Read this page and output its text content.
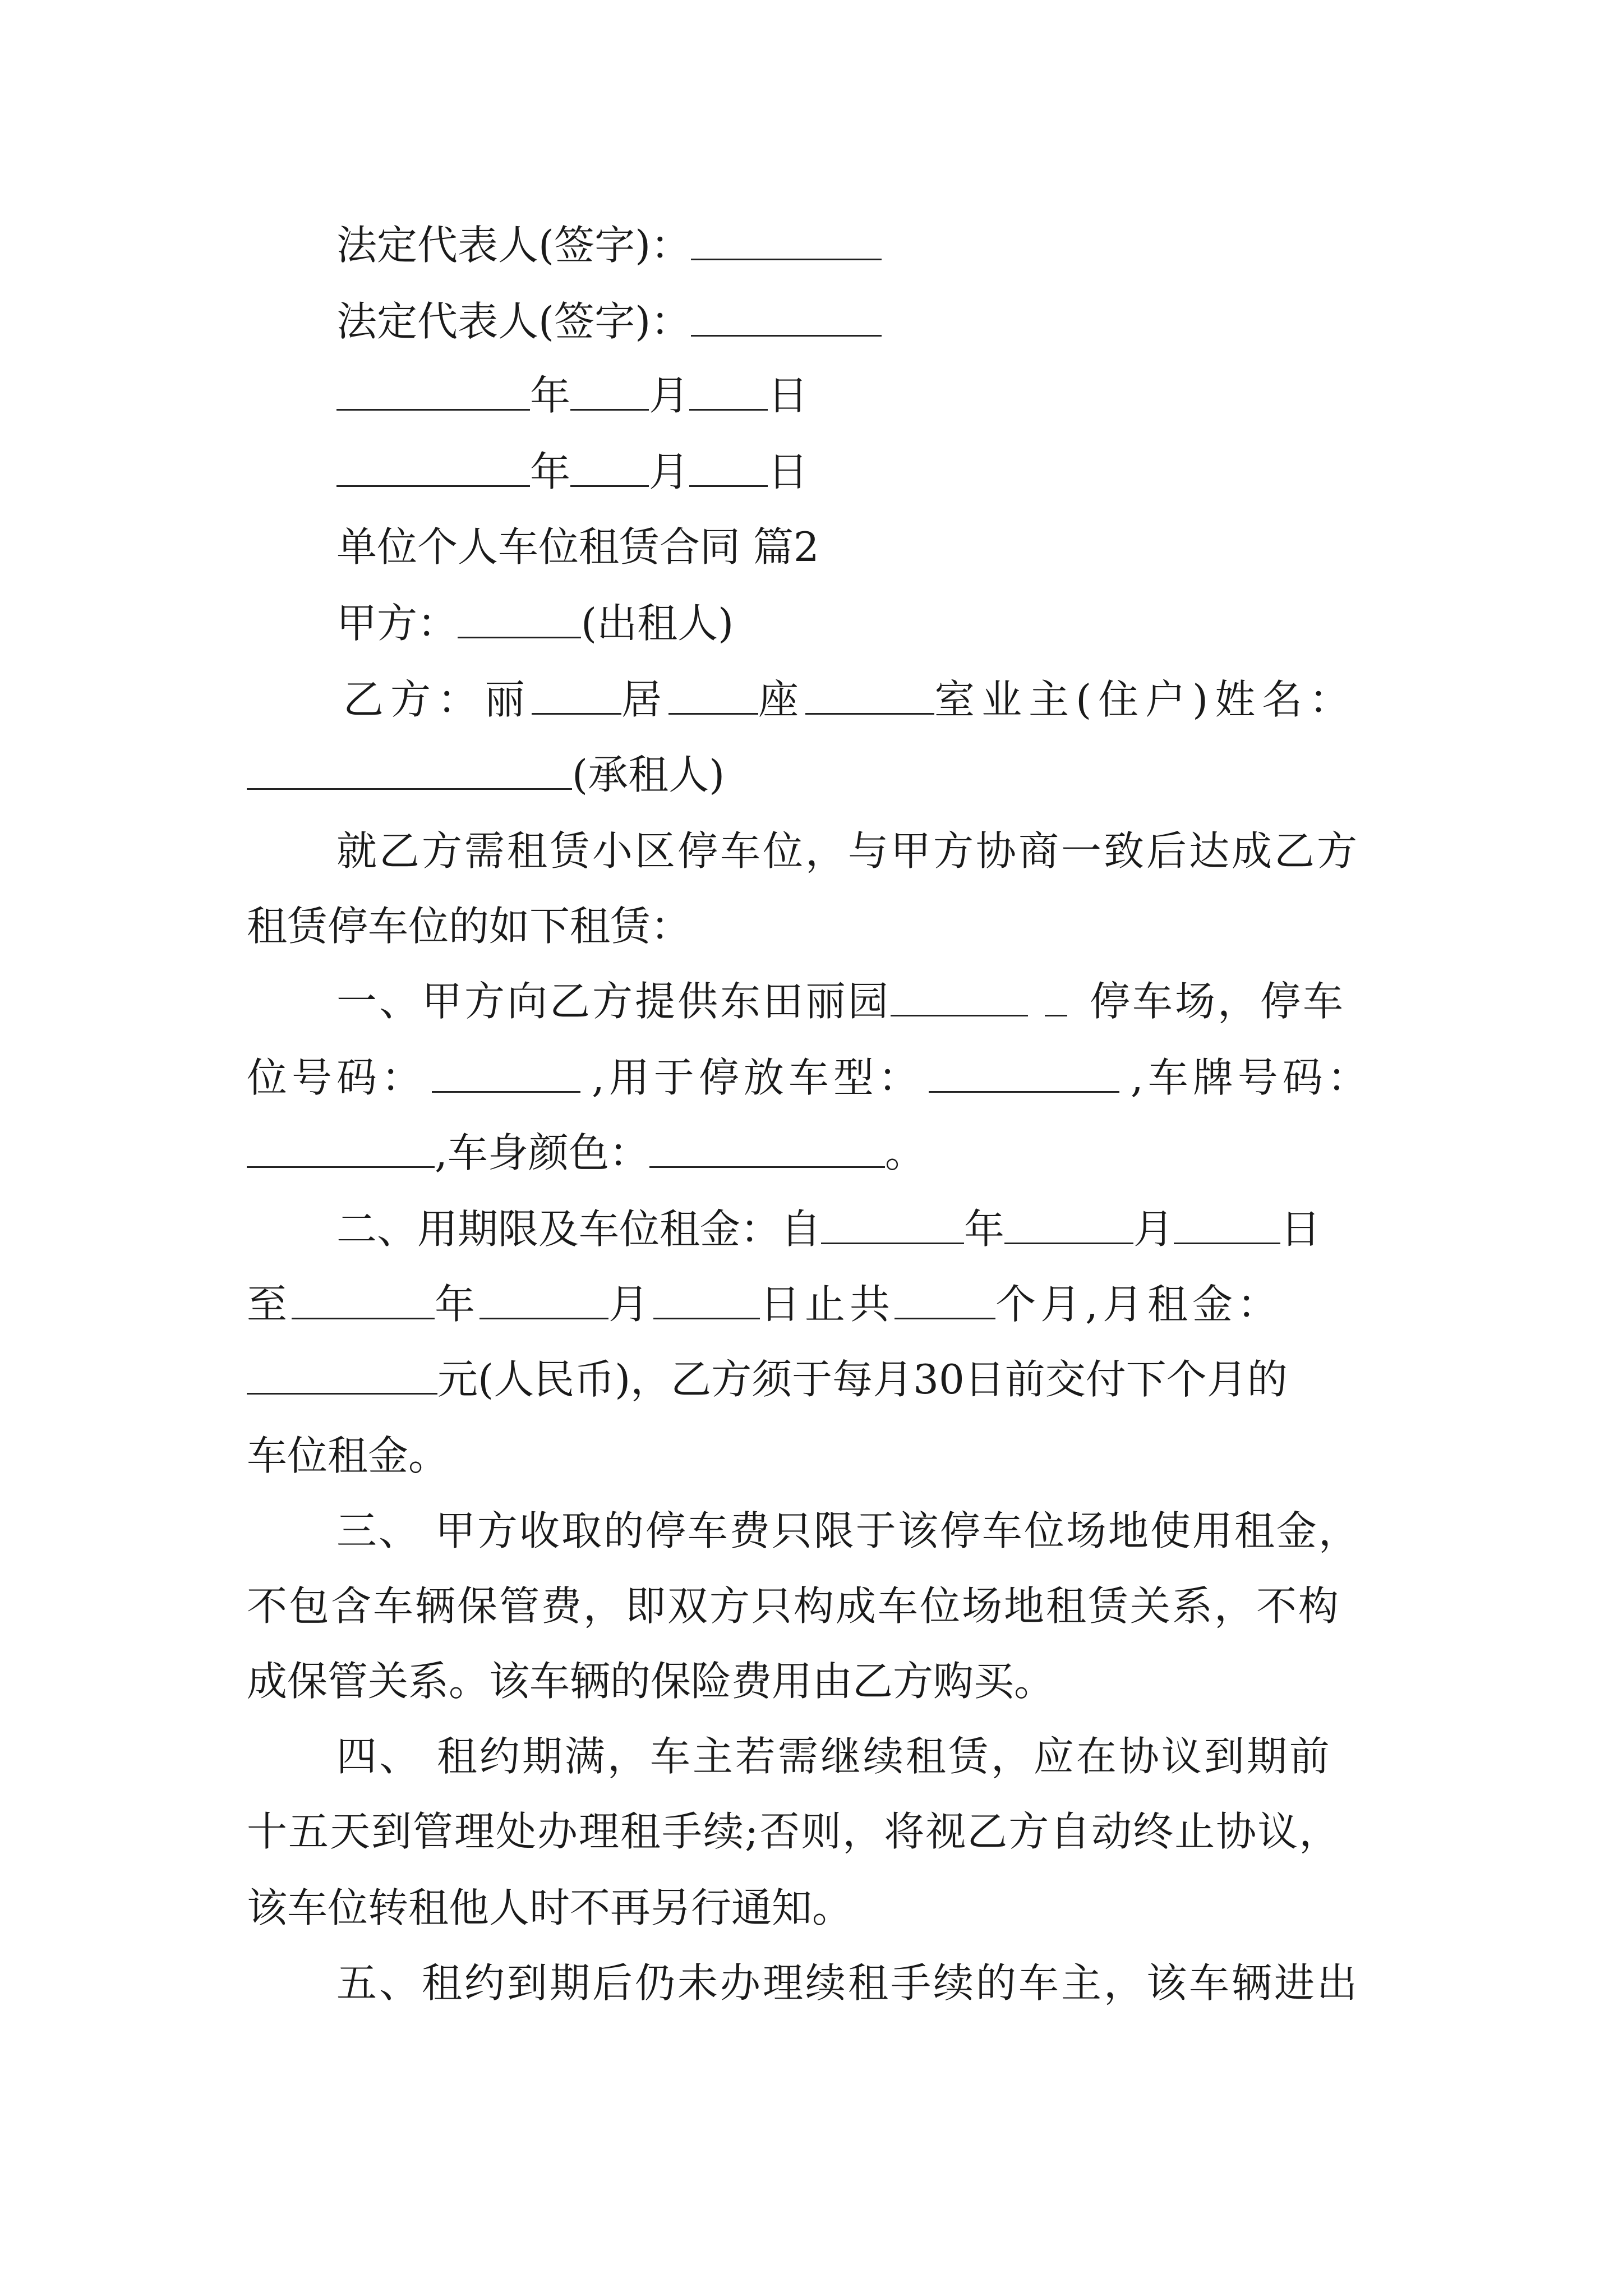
法定代表人(签字)：
法定代表人(签字)：
年 月 日
年 月 日
单位个人车位租赁合同 篇2
甲方：	(出租人)
乙方：丽 居 座	室业主(住户)姓名：
(承租人)
就乙方需租赁小区停车位，与甲方协商一致后达成乙方
租赁停车位的如下租赁：
一、甲方向乙方提供东田丽园	停车场，停车
位号码：	,用于停放车型：	,车牌号码：
,车身颜色：	。
二、用期限及车位租金：自	年	月	日
至	年	月	日止共	个月,月租金：
元(人民币)，乙方须于每月30日前交付下个月的
车位租金。
三、 甲方收取的停车费只限于该停车位场地使用租金，
不包含车辆保管费，即双方只构成车位场地租赁关系，不构
成保管关系。该车辆的保险费用由乙方购买。
四、 租约期满，车主若需继续租赁，应在协议到期前
十五天到管理处办理租手续;否则，将视乙方自动终止协议，
该车位转租他人时不再另行通知。
五、租约到期后仍未办理续租手续的车主，该车辆进出
